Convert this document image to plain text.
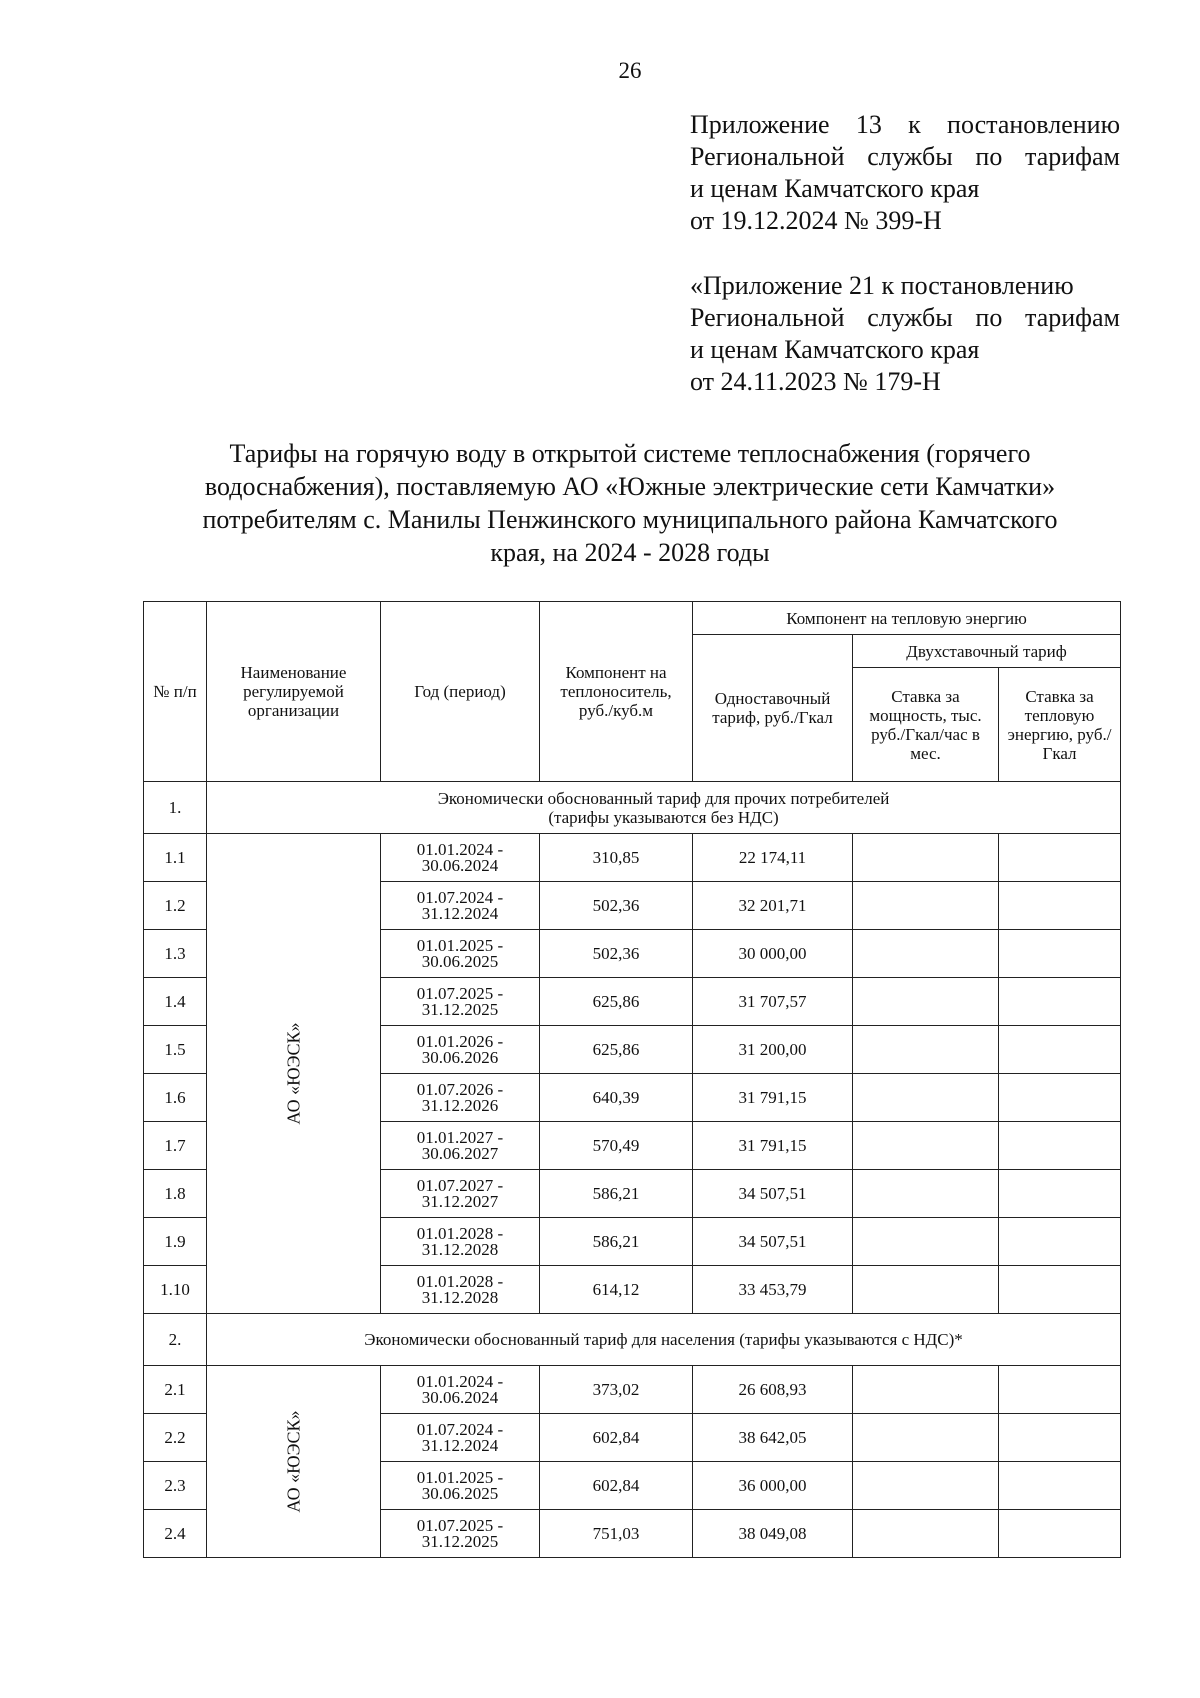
26
Приложение 13 к постановлению
Региональной службы по тарифам
и ценам Камчатского края
от 19.12.2024 № 399-Н
«Приложение 21 к постановлению
Региональной службы по тарифам
и ценам Камчатского края
от 24.11.2023 № 179-Н
Тарифы на горячую воду в открытой системе теплоснабжения (горячего
водоснабжения), поставляемую АО «Южные электрические сети Камчатки»
потребителям с. Манилы Пенжинского муниципального района Камчатского
края, на 2024 - 2028 годы
№ п/п	Наименование регулируемой организации	Год (период)	Компонент на теплоноситель, руб./куб.м	Компонент на тепловую энергию		
				Одноставочный тариф, руб./Гкал	Двухставочный тариф	
					Ставка за мощность, тыс. руб./Гкал/час в мес.	Ставка за тепловую энергию, руб./Гкал
1.	Экономически обоснованный тариф для прочих потребителей
(тарифы указываются без НДС)					

1.1	АО «ЮЭСК»	01.01.2024 -
30.06.2024	310,85	22 174,11		
1.2		01.07.2024 -
31.12.2024	502,36	32 201,71		
1.3		01.01.2025 -
30.06.2025	502,36	30 000,00		
1.4		01.07.2025 -
31.12.2025	625,86	31 707,57		
1.5		01.01.2026 -
30.06.2026	625,86	31 200,00		
1.6		01.07.2026 -
31.12.2026	640,39	31 791,15		
1.7		01.01.2027 -
30.06.2027	570,49	31 791,15		
1.8		01.07.2027 -
31.12.2027	586,21	34 507,51		
1.9		01.01.2028 -
31.12.2028	586,21	34 507,51		
1.10		01.01.2028 -
31.12.2028	614,12	33 453,79		
2.	Экономически обоснованный тариф для населения (тарифы указываются с НДС)*					

2.1	АО «ЮЭСК»	01.01.2024 -
30.06.2024	373,02	26 608,93		
2.2		01.07.2024 -
31.12.2024	602,84	38 642,05		
2.3		01.01.2025 -
30.06.2025	602,84	36 000,00		
2.4		01.07.2025 -
31.12.2025	751,03	38 049,08		
